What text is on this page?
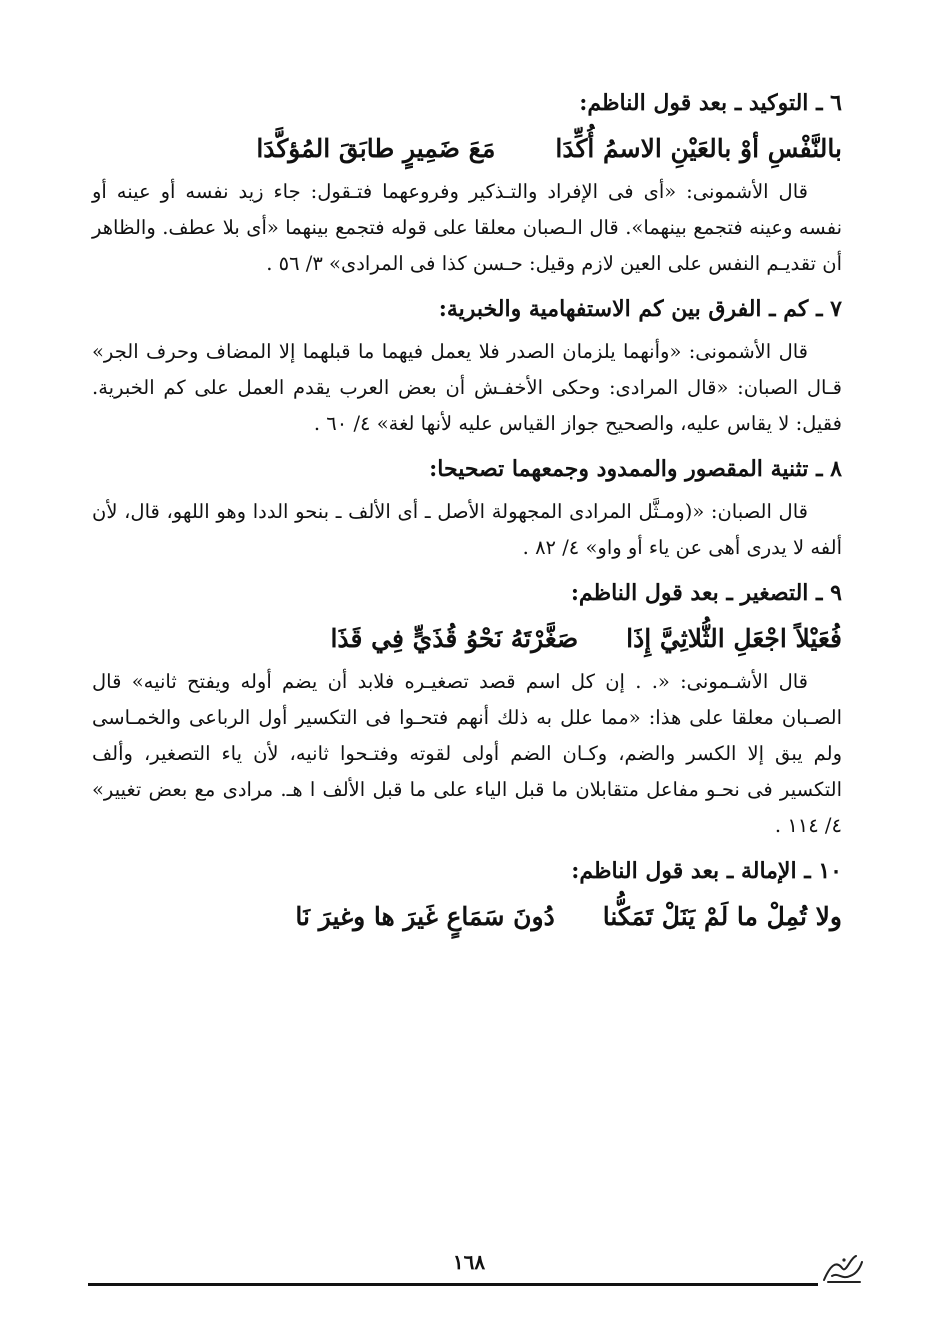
٦ ـ التوكيد ـ بعد قول الناظم:

بالنَّفْسِ أوْ بالعَيْنِ الاسمُ أُكِّدَا
مَعَ ضَمِيرٍ طابَقَ المُؤكَّدَا

قال الأشمونى: «أى فى الإفراد والتـذكير وفروعهما فتـقول: جاء زيد نفسه أو عينه أو نفسه وعينه فتجمع بينهما». قال الـصبان معلقا على قوله فتجمع بينهما «أى بلا عطف. والظاهر أن تقديـم النفس على العين لازم وقيل: حـسن كذا فى المرادى» ٣/ ٥٦ .

٧ ـ كم ـ الفرق بين كم الاستفهامية والخبرية:

قال الأشمونى: «وأنهما يلزمان الصدر فلا يعمل فيهما ما قبلهما إلا المضاف وحرف الجر» قـال الصبان: «قال المرادى: وحكى الأخفـش أن بعض العرب يقدم العمل على كم الخبرية. فقيل: لا يقاس عليه، والصحيح جواز القياس عليه لأنها لغة» ٤/ ٦٠ .

٨ ـ تثنية المقصور والممدود وجمعهما تصحيحا:

قال الصبان: «(ومـثَّل المرادى المجهولة الأصل ـ أى الألف ـ بنحو الددا وهو اللهو، قال، لأن ألفه لا يدرى أهى عن ياء أو واو» ٤/ ٨٢ .

٩ ـ التصغير ـ بعد قول الناظم:

فُعَيْلاً اجْعَلِ الثُّلاثِيَّ إِذَا
صَغَّرْتَهُ نَحْوُ قُذَيٍّ فِي قَذَا

قال الأشـمونى: «. . إن كل اسم قصد تصغيـره فلابد أن يضم أوله ويفتح ثانيه» قال الصـبان معلقا على هذا: «مما علل به ذلك أنهم فتحـوا فى التكسير أول الرباعى والخمـاسى ولم يبق إلا الكسر والضم، وكـان الضم أولى لقوته وفتـحوا ثانيه، لأن ياء التصغير، وألف التكسير فى نحـو مفاعل متقابلان ما قبل الياء على ما قبل الألف ا هـ. مرادى مع بعض تغيير» ٤/ ١١٤ .

١٠ ـ الإمالة ـ بعد قول الناظم:

ولا تُمِلْ ما لَمْ يَنَلْ تَمَكُّنا
دُونَ سَمَاعٍ غَيرَ ها وغيرَ نَا
١٦٨
